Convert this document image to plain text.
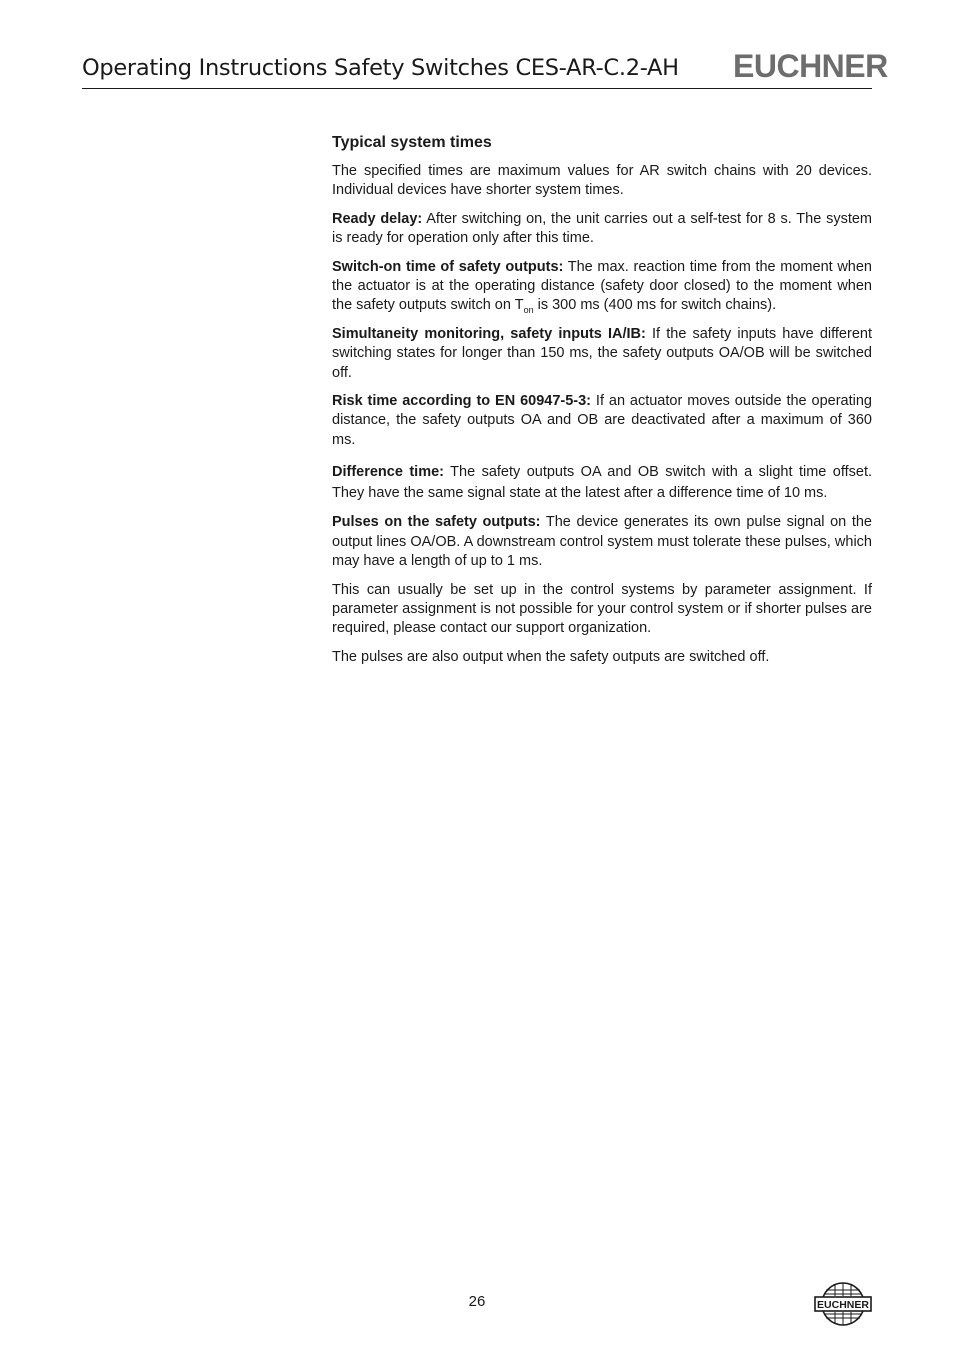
Operating Instructions Safety Switches CES-AR-C.2-AH EUCHNER
Typical system times

The specified times are maximum values for AR switch chains with 20 devices. Individual devices have shorter system times.

Ready delay: After switching on, the unit carries out a self-test for 8 s. The system is ready for operation only after this time.

Switch-on time of safety outputs: The max. reaction time from the moment when the actuator is at the operating distance (safety door closed) to the moment when the safety outputs switch on $T_{on}$ is 300 ms (400 ms for switch chains).

Simultaneity monitoring, safety inputs IA/IB: If the safety inputs have different switching states for longer than 150 ms, the safety outputs OA/OB will be switched off.

Risk time according to EN 60947-5-3: If an actuator moves outside the operating distance, the safety outputs OA and OB are deactivated after a maximum of 360 ms.

Difference time: The safety outputs OA and OB switch with a slight time offset. They have the same signal state at the latest after a difference time of 10 ms.

Pulses on the safety outputs: The device generates its own pulse signal on the output lines OA/OB. A downstream control system must tolerate these pulses, which may have a length of up to 1 ms.

This can usually be set up in the control systems by parameter assignment. If parameter assignment is not possible for your control system or if shorter pulses are required, please contact our support organization.

The pulses are also output when the safety outputs are switched off.

26	EUCHNER
